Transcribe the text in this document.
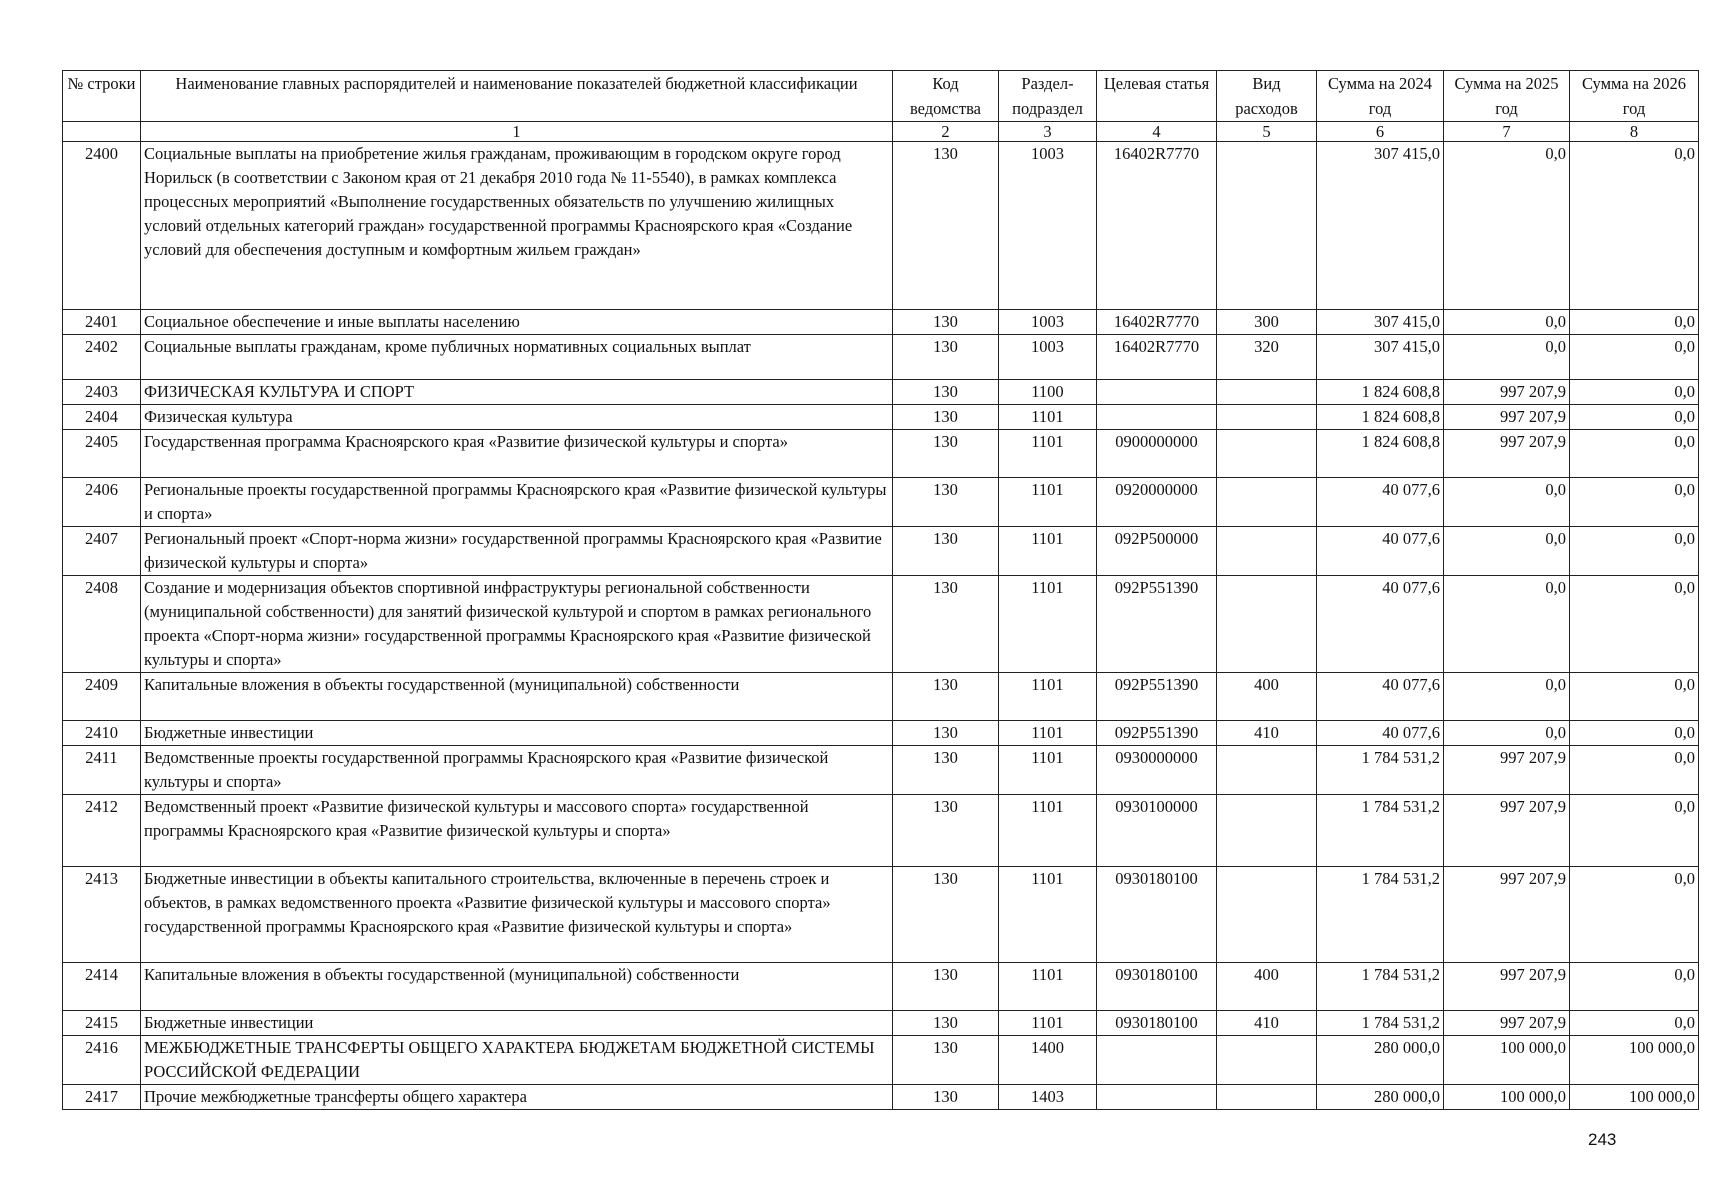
№ строки	Наименование главных распорядителей и наименование показателей бюджетной классификации	Код ведомства	Раздел-подраздел	Целевая статья	Вид расходов	Сумма на 2024 год	Сумма на 2025 год	Сумма на 2026 год
	1	2	3	4	5	6	7	8
2400	Социальные выплаты на приобретение жилья гражданам, проживающим в городском округе город Норильск (в соответствии с Законом края от 21 декабря 2010 года № 11-5540), в рамках комплекса процессных мероприятий «Выполнение государственных обязательств по улучшению жилищных условий отдельных категорий граждан» государственной программы Красноярского края «Создание условий для обеспечения доступным и комфортным жильем граждан»	130	1003	16402R7770		307 415,0	0,0	0,0
2401	Социальное обеспечение и иные выплаты населению	130	1003	16402R7770	300	307 415,0	0,0	0,0
2402	Социальные выплаты гражданам, кроме публичных нормативных социальных выплат	130	1003	16402R7770	320	307 415,0	0,0	0,0
2403	ФИЗИЧЕСКАЯ КУЛЬТУРА И СПОРТ	130	1100			1 824 608,8	997 207,9	0,0
2404	Физическая культура	130	1101			1 824 608,8	997 207,9	0,0
2405	Государственная программа Красноярского края «Развитие физической культуры и спорта»	130	1101	0900000000		1 824 608,8	997 207,9	0,0
2406	Региональные проекты государственной программы Красноярского края «Развитие физической культуры и спорта»	130	1101	0920000000		40 077,6	0,0	0,0
2407	Региональный проект «Спорт-норма жизни» государственной программы Красноярского края «Развитие физической культуры и спорта»	130	1101	092P500000		40 077,6	0,0	0,0
2408	Создание и модернизация объектов спортивной инфраструктуры региональной собственности (муниципальной собственности) для занятий физической культурой и спортом в рамках регионального проекта «Спорт-норма жизни» государственной программы Красноярского края «Развитие физической культуры и спорта»	130	1101	092P551390		40 077,6	0,0	0,0
2409	Капитальные вложения в объекты государственной (муниципальной) собственности	130	1101	092P551390	400	40 077,6	0,0	0,0
2410	Бюджетные инвестиции	130	1101	092P551390	410	40 077,6	0,0	0,0
2411	Ведомственные проекты государственной программы Красноярского края «Развитие физической культуры и спорта»	130	1101	0930000000		1 784 531,2	997 207,9	0,0
2412	Ведомственный проект «Развитие физической культуры и массового спорта» государственной программы Красноярского края «Развитие физической культуры и спорта»	130	1101	0930100000		1 784 531,2	997 207,9	0,0
2413	Бюджетные инвестиции в объекты капитального строительства, включенные в перечень строек и объектов, в рамках ведомственного проекта «Развитие физической культуры и массового спорта» государственной программы Красноярского края «Развитие физической культуры и спорта»	130	1101	0930180100		1 784 531,2	997 207,9	0,0
2414	Капитальные вложения в объекты государственной (муниципальной) собственности	130	1101	0930180100	400	1 784 531,2	997 207,9	0,0
2415	Бюджетные инвестиции	130	1101	0930180100	410	1 784 531,2	997 207,9	0,0
2416	МЕЖБЮДЖЕТНЫЕ ТРАНСФЕРТЫ ОБЩЕГО ХАРАКТЕРА БЮДЖЕТАМ БЮДЖЕТНОЙ СИСТЕМЫ РОССИЙСКОЙ ФЕДЕРАЦИИ	130	1400			280 000,0	100 000,0	100 000,0
2417	Прочие межбюджетные трансферты общего характера	130	1403			280 000,0	100 000,0	100 000,0
243
